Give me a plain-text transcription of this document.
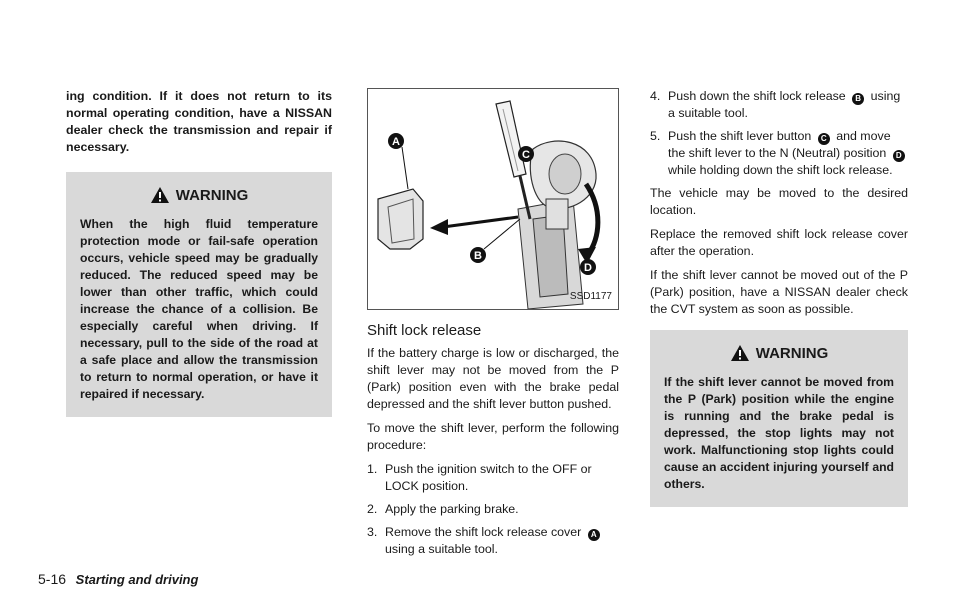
ing condition. If it does not return to its normal operating condition, have a NISSAN dealer check the transmission and repair if necessary.

WARNING

When the high fluid temperature protection mode or fail-safe operation occurs, vehicle speed may be gradually reduced. The reduced speed may be lower than other traffic, which could increase the chance of a collision. Be especially careful when driving. If necessary, pull to the side of the road at a safe place and allow the transmission to return to normal operation, or have it repaired if necessary.

A
B
C
D
SSD1177
Shift lock release

If the battery charge is low or discharged, the shift lever may not be moved from the P (Park) position even with the brake pedal depressed and the shift lever button pushed.

To move the shift lever, perform the following procedure:

1. Push the ignition switch to the OFF or LOCK position.
2. Apply the parking brake.
3. Remove the shift lock release cover A using a suitable tool.
4. Push down the shift lock release B using a suitable tool.
5. Push the shift lever button C and move the shift lever to the N (Neutral) position D while holding down the shift lock release.

The vehicle may be moved to the desired location.

Replace the removed shift lock release cover after the operation.

If the shift lever cannot be moved out of the P (Park) position, have a NISSAN dealer check the CVT system as soon as possible.

WARNING

If the shift lever cannot be moved from the P (Park) position while the engine is running and the brake pedal is depressed, the stop lights may not work. Malfunctioning stop lights could cause an accident injuring yourself and others.

5-16 Starting and driving
